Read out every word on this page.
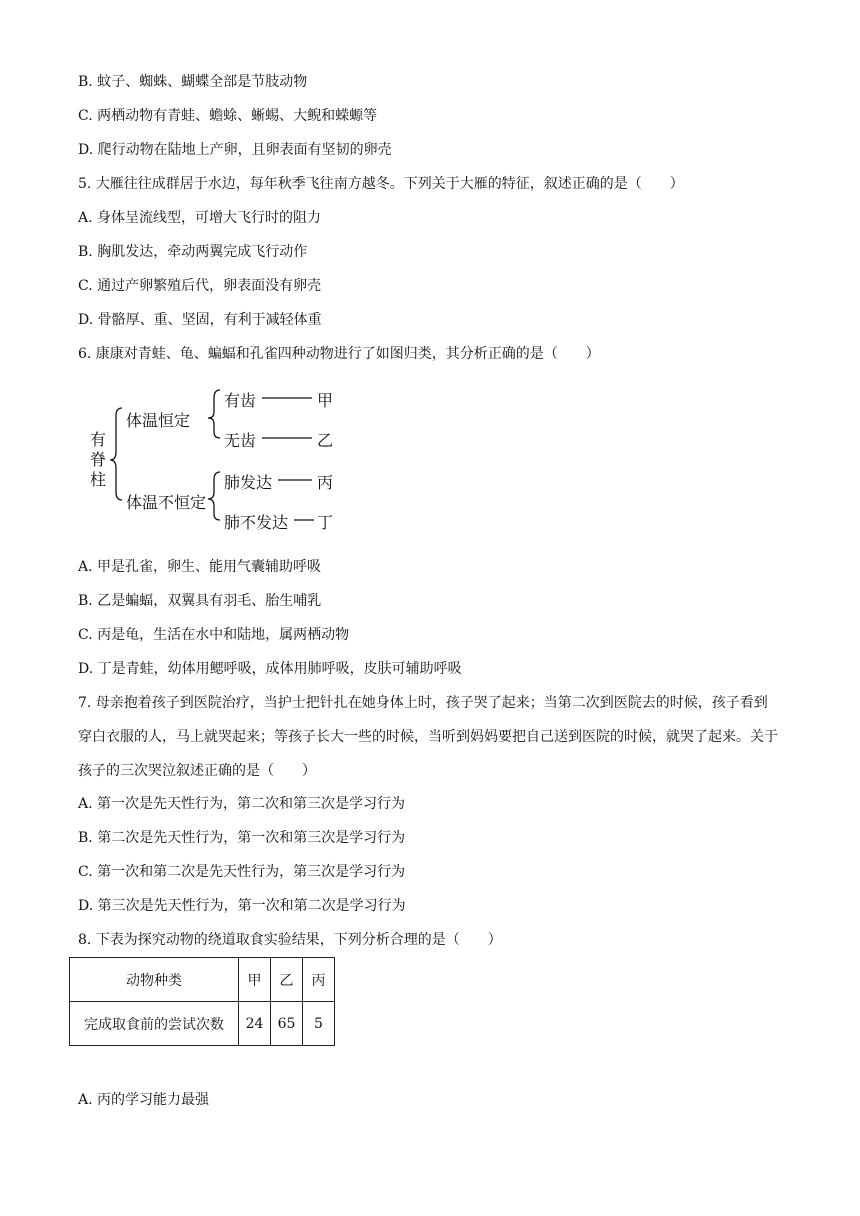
B. 蚊子、蜘蛛、蝴蝶全部是节肢动物
C. 两栖动物有青蛙、蟾蜍、蜥蜴、大鲵和蝾螈等
D. 爬行动物在陆地上产卵，且卵表面有坚韧的卵壳
5. 大雁往往成群居于水边，每年秋季飞往南方越冬。下列关于大雁的特征，叙述正确的是（　　）
A. 身体呈流线型，可增大飞行时的阻力
B. 胸肌发达，牵动两翼完成飞行动作
C. 通过产卵繁殖后代，卵表面没有卵壳
D. 骨骼厚、重、坚固，有利于减轻体重
6. 康康对青蛙、龟、蝙蝠和孔雀四种动物进行了如图归类，其分析正确的是（　　）
有脊柱
体温恒定
体温不恒定
有齿
无齿
肺发达
肺不发达
甲
乙
丙
丁
A. 甲是孔雀，卵生、能用气囊辅助呼吸
B. 乙是蝙蝠，双翼具有羽毛、胎生哺乳
C. 丙是龟，生活在水中和陆地，属两栖动物
D. 丁是青蛙，幼体用鳃呼吸，成体用肺呼吸，皮肤可辅助呼吸
7. 母亲抱着孩子到医院治疗，当护士把针扎在她身体上时，孩子哭了起来；当第二次到医院去的时候，孩子看到穿白衣服的人，马上就哭起来；等孩子长大一些的时候，当听到妈妈要把自己送到医院的时候，就哭了起来。关于孩子的三次哭泣叙述正确的是（　　）
A. 第一次是先天性行为，第二次和第三次是学习行为
B. 第二次是先天性行为，第一次和第三次是学习行为
C. 第一次和第二次是先天性行为，第三次是学习行为
D. 第三次是先天性行为，第一次和第二次是学习行为
8. 下表为探究动物的绕道取食实验结果，下列分析合理的是（　　）
动物种类	甲	乙	丙
完成取食前的尝试次数	24	65	5
A. 丙的学习能力最强
